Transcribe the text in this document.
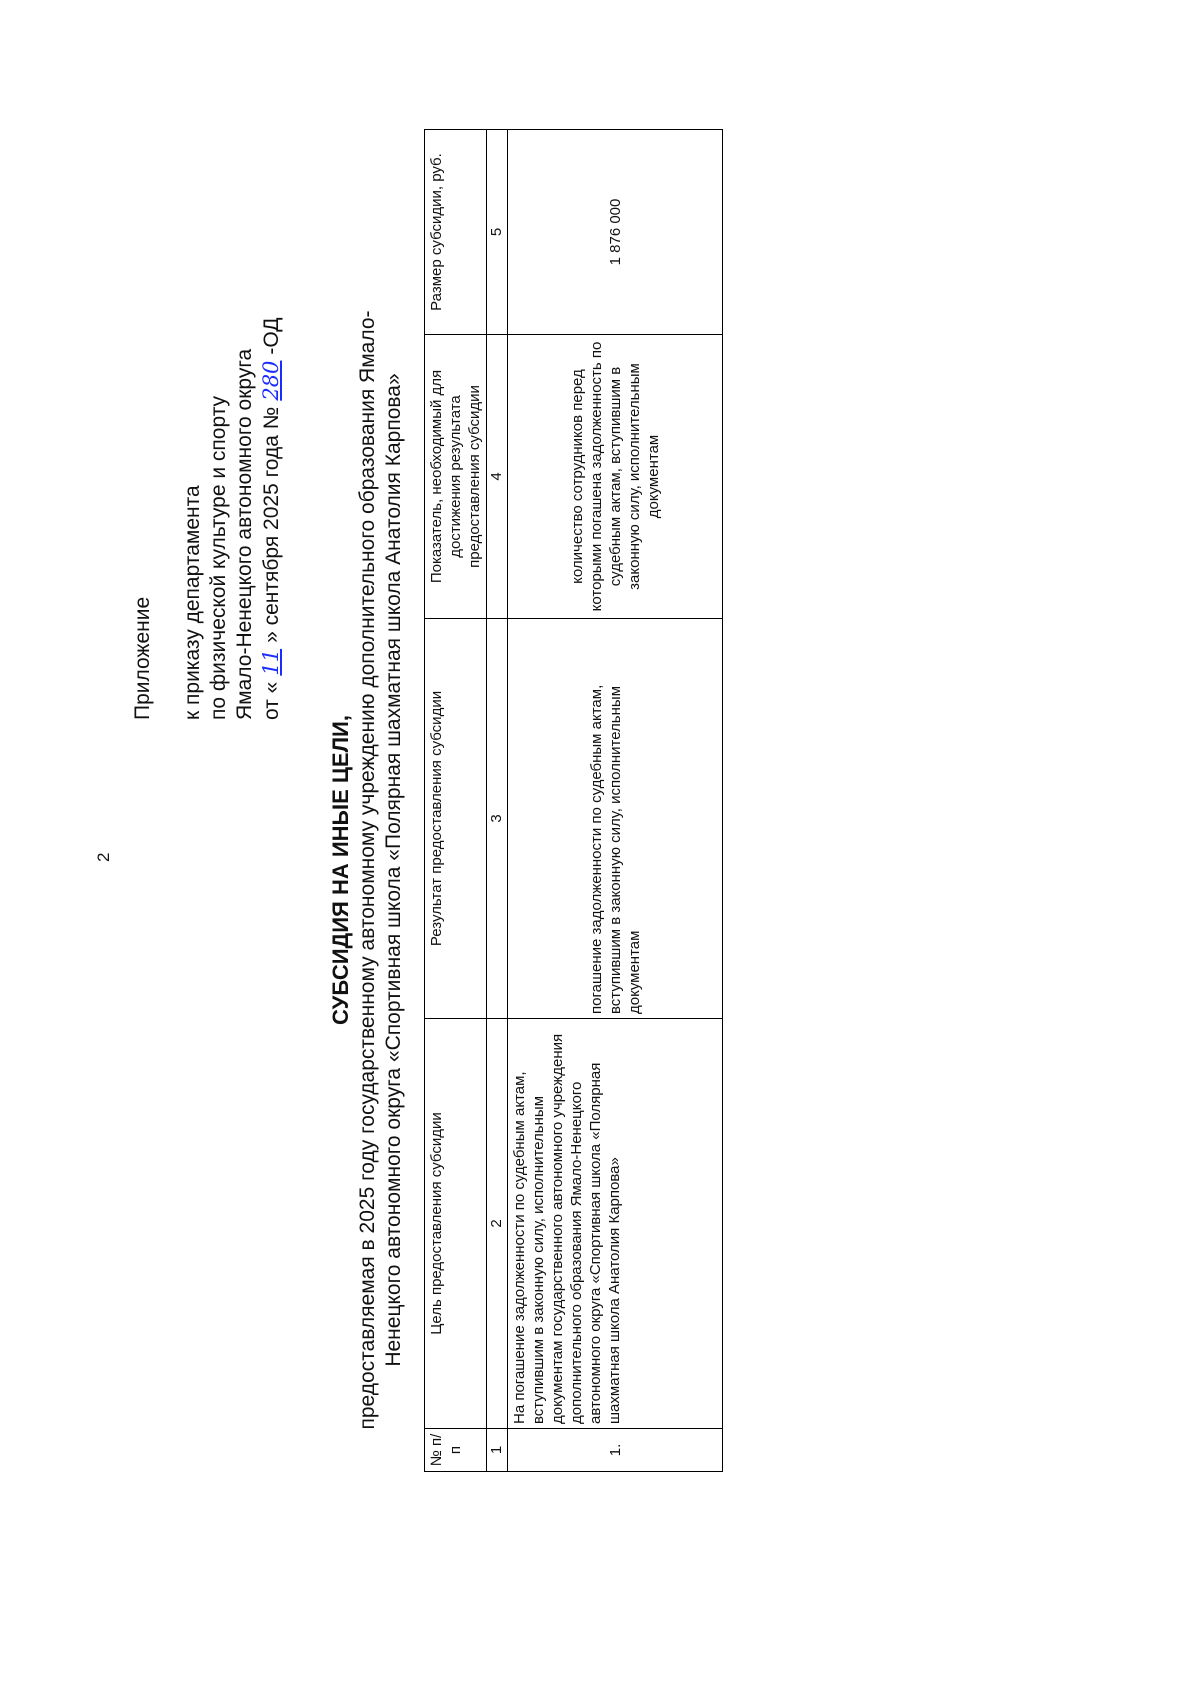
2
Приложение к приказу департамента по физической культуре и спорту Ямало-Ненецкого автономного округа от «11» сентября 2025 года №280-ОД
СУБСИДИЯ НА ИНЫЕ ЦЕЛИ, предоставляемая в 2025 году государственному автономному учреждению дополнительного образования Ямало-Ненецкого автономного округа «Спортивная школа «Полярная шахматная школа Анатолия Карпова»
№ п/п	Цель предоставления субсидии	Результат предоставления субсидии	Показатель, необходимый для достижения результата предоставления субсидии	Размер субсидии, руб.
1	2	3	4	5
1.	На погашение задолженности по судебным актам, вступившим в законную силу, исполнительным документам государственного автономного учреждения дополнительного образования Ямало-Ненецкого автономного округа «Спортивная школа «Полярная шахматная школа Анатолия Карпова»	погашение задолженности по судебным актам, вступившим в законную силу, исполнительным документам	количество сотрудников перед которыми погашена задолженность по судебным актам, вступившим в законную силу, исполнительным документам	1 876 000
